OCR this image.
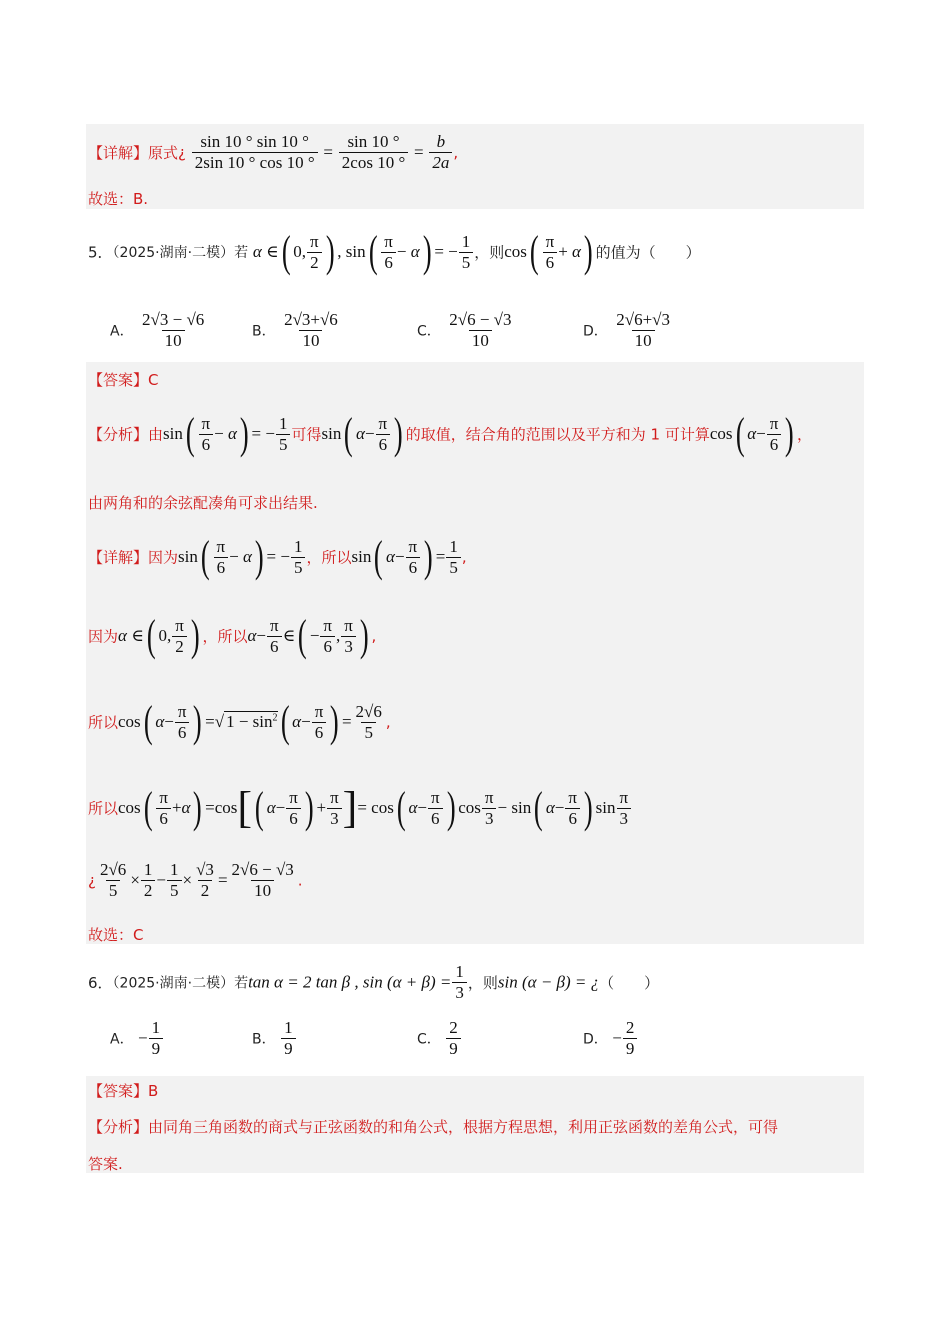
【详解】原式¿ $\frac{\sin 10 ^\circ \sin 10 ^\circ}{2\sin 10 ^\circ \cos 10 ^\circ} = \frac{\sin 10 ^\circ}{2\cos 10 ^\circ} = \frac{b}{2a}$ ,
故选：B.
5．（2025·湖南·二模）若 α ∈( 0, $\frac{\pi}{2}$ ) , $\sin( \frac{\pi}{6} - \alpha)$ = − $\frac{1}{5}$ ，则$\cos( \frac{\pi}{6} + \alpha)$ 的值为（　　）
A． $\frac{2√3 - √6}{10}$	B． $\frac{2√3+√6}{10}$	C． $\frac{2√6 - √3}{10}$	D． $\frac{2√6+√3}{10}$
【答案】C
【分析】由$\sin( \frac{\pi}{6} - \alpha)$ = − $\frac{1}{5}$ 可得sin( $\alpha- \frac{\pi}{6}$ ) 的取值，结合角的范围以及平方和为 1 可计算cos( $\alpha- \frac{\pi}{6}$ ) ，
由两角和的余弦配凑角可求出结果.
【详解】因为$\sin( \frac{\pi}{6} - \alpha)$ = − $\frac{1}{5}$ ，所以sin( $\alpha- \frac{\pi}{6}$ ) = $\frac{1}{5}$ ,
因为α ∈( 0, $\frac{\pi}{2}$ ) ，所以$\alpha- \frac{\pi}{6}$ ∈( − $\frac{\pi}{6}$ , $\frac{\pi}{3}$ ) ,
所以cos( $\alpha- \frac{\pi}{6}$ ) =√ $1 - \sin^2$( $\alpha- \frac{\pi}{6}$ ) = $\frac{2√6}{5}$ ,
所以$\cos( \frac{\pi}{6} +\alpha) =\cos$[( $\alpha- \frac{\pi}{6}$ ) + $\frac{\pi}{3}$ ]= cos( $\alpha- \frac{\pi}{6}$ ) $\cos \frac{\pi}{3} - \sin$( $\alpha- \frac{\pi}{6}$ ) $\sin \frac{\pi}{3}$
¿ $\frac{2√6}{5} \times \frac{1}{2} - \frac{1}{5} \times \frac{√3}{2} = \frac{2√6 - √3}{10}$ .
故选：C
6．（2025·湖南·二模）若tan α = 2 tan β , $\sin (\alpha + \beta) = \frac{1}{3}$ ，则sin (α − β) = ¿（　　）
A． − $\frac{1}{9}$	B． $\frac{1}{9}$	C． $\frac{2}{9}$	D． − $\frac{2}{9}$
【答案】B
【分析】由同角三角函数的商式与正弦函数的和角公式，根据方程思想，利用正弦函数的差角公式，可得
答案.
